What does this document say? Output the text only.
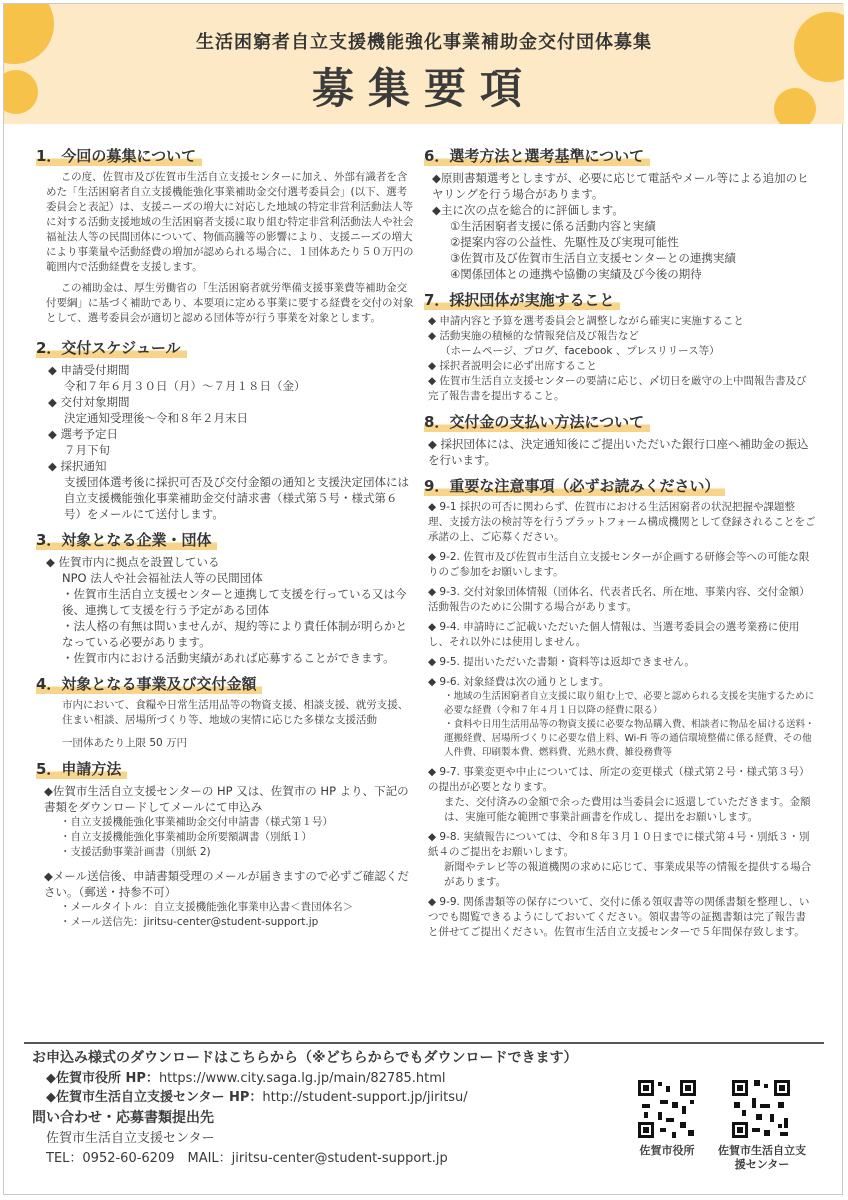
生活困窮者自立支援機能強化事業補助金交付団体募集
募集要項
1．今回の募集について

この度、佐賀市及び佐賀市生活自立支援センターに加え、外部有識者を含めた「生活困窮者自立支援機能強化事業補助金交付選考委員会」(以下、選考委員会と表記）は、支援ニーズの増大に対応した地域の特定非営利活動法人等に対する活動支援地域の生活困窮者支援に取り組む特定非営利活動法人や社会福祉法人等の民間団体について、物価高騰等の影響により、支援ニーズの増大により事業量や活動経費の増加が認められる場合に、１団体あたり５０万円の範囲内で活動経費を支援します。

この補助金は、厚生労働省の「生活困窮者就労準備支援事業費等補助金交付要綱」に基づく補助であり、本要項に定める事業に要する経費を交付の対象として、選考委員会が適切と認める団体等が行う事業を対象とします。

2．交付スケジュール
◆ 申請受付期間
令和７年６月３０日（月）～７月１８日（金）
◆ 交付対象期間
決定通知受理後～令和８年２月末日
◆ 選考予定日
７月下旬
◆ 採択通知
支援団体選考後に採択可否及び交付金額の通知と支援決定団体には自立支援機能強化事業補助金交付請求書（様式第５号・様式第６号）をメールにて送付します。
3．対象となる企業・団体
◆ 佐賀市内に拠点を設置している
NPO 法人や社会福祉法人等の民間団体
・佐賀市生活自立支援センターと連携して支援を行っている又は今後、連携して支援を行う予定がある団体
・法人格の有無は問いませんが、規約等により責任体制が明らかとなっている必要があります。
・佐賀市内における活動実績があれば応募することができます。
4．対象となる事業及び交付金額
市内において、食糧や日常生活用品等の物資支援、相談支援、就労支援、住まい相談、居場所づくり等、地域の実情に応じた多様な支援活動
一団体あたり上限 50 万円
5．申請方法
◆佐賀市生活自立支援センターの HP 又は、佐賀市の HP より、下記の書類をダウンロードしてメールにて申込み
・自立支援機能強化事業補助金交付申請書（様式第１号）
・自立支援機能強化事業補助金所要額調書（別紙１）
・支援活動事業計画書（別紙 2)
◆メール送信後、申請書類受理のメールが届きますので必ずご確認ください。（郵送・持参不可）
・メールタイトル：自立支援機能強化事業申込書＜貴団体名＞
・メール送信先：jiritsu-center@student-support.jp
6．選考方法と選考基準について
◆原則書類選考としますが、必要に応じて電話やメール等による追加のヒヤリングを行う場合があります。
◆主に次の点を総合的に評価します。
①生活困窮者支援に係る活動内容と実績
②提案内容の公益性、先駆性及び実現可能性
③佐賀市及び佐賀市生活自立支援センターとの連携実績
④関係団体との連携や協働の実績及び今後の期待
7．採択団体が実施すること
◆ 申請内容と予算を選考委員会と調整しながら確実に実施すること
◆ 活動実施の積極的な情報発信及び報告など
（ホームページ、ブログ、facebook 、プレスリリース等）
◆ 採択者説明会に必ず出席すること
◆ 佐賀市生活自立支援センターの要請に応じ、〆切日を厳守の上中間報告書及び完了報告書を提出すること。
8．交付金の支払い方法について
◆ 採択団体には、決定通知後にご提出いただいた銀行口座へ補助金の振込を行います。
9．重要な注意事項（必ずお読みください）
◆ 9-1 採択の可否に関わらず、佐賀市における生活困窮者の状況把握や課題整理、支援方法の検討等を行うプラットフォーム構成機関として登録されることをご承諾の上、ご応募ください。
◆ 9-2. 佐賀市及び佐賀市生活自立支援センターが企画する研修会等への可能な限りのご参加をお願いします。
◆ 9-3. 交付対象団体情報（団体名、代表者氏名、所在地、事業内容、交付金額）活動報告のために公開する場合があります。
◆ 9-4. 申請時にご記載いただいた個人情報は、当選考委員会の選考業務に使用し、それ以外には使用しません。
◆ 9-5. 提出いただいた書類・資料等は返却できません。
◆ 9-6. 対象経費は次の通りとします。
・地域の生活困窮者自立支援に取り組む上で、必要と認められる支援を実施するために必要な経費（令和７年４月１日以降の経費に限る）
・食料や日用生活用品等の物資支援に必要な物品購入費、相談者に物品を届ける送料・運搬経費、居場所づくりに必要な借上料、Wi-Fi 等の通信環境整備に係る経費、その他人件費、印刷製本費、燃料費、光熱水費、雑役務費等
◆ 9-7. 事業変更や中止については、所定の変更様式（様式第２号・様式第３号）の提出が必要となります。
また、交付済みの金額で余った費用は当委員会に返還していただきます。金額は、実施可能な範囲で事業計画書を作成し、提出をお願いします。
◆ 9-8. 実績報告については、令和８年３月１０日までに様式第４号・別紙３・別紙４のご提出をお願いします。
新聞やテレビ等の報道機関の求めに応じて、事業成果等の情報を提供する場合があります。
◆ 9-9. 関係書類等の保存について、交付に係る領収書等の関係書類を整理し、いつでも閲覧できるようにしておいてください。領収書等の証拠書類は完了報告書と併せてご提出ください。佐賀市生活自立支援センターで５年間保存致します。
お申込み様式のダウンロードはこちらから（※どちらからでもダウンロードできます）
◆佐賀市役所 HP：https://www.city.saga.lg.jp/main/82785.html
◆佐賀市生活自立支援センター HP：http://student-support.jp/jiritsu/
問い合わせ・応募書類提出先
佐賀市生活自立支援センター
TEL：0952-60-6209　MAIL：jiritsu-center@student-support.jp
佐賀市役所	佐賀市生活自立支援センター
